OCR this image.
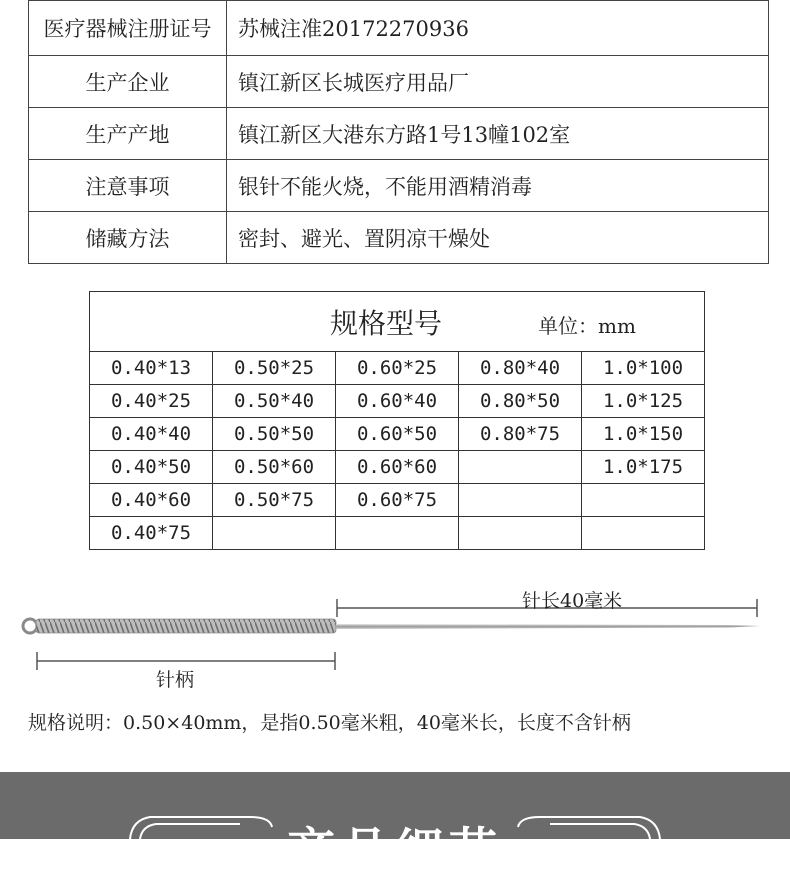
医疗器械注册证号	苏械注准20172270936
生产企业	镇江新区长城医疗用品厂
生产产地	镇江新区大港东方路1号13幢102室
注意事项	银针不能火烧，不能用酒精消毒
储藏方法	密封、避光、置阴凉干燥处
规格型号 单位：mm				
0.40*13	0.50*25	0.60*25	0.80*40	1.0*100
0.40*25	0.50*40	0.60*40	0.80*50	1.0*125
0.40*40	0.50*50	0.60*50	0.80*75	1.0*150
0.40*50	0.50*60	0.60*60		1.0*175
0.40*60	0.50*75	0.60*75		
0.40*75				
针长40毫米
针柄
规格说明：0.50×40mm，是指0.50毫米粗，40毫米长，长度不含针柄
产品细节
